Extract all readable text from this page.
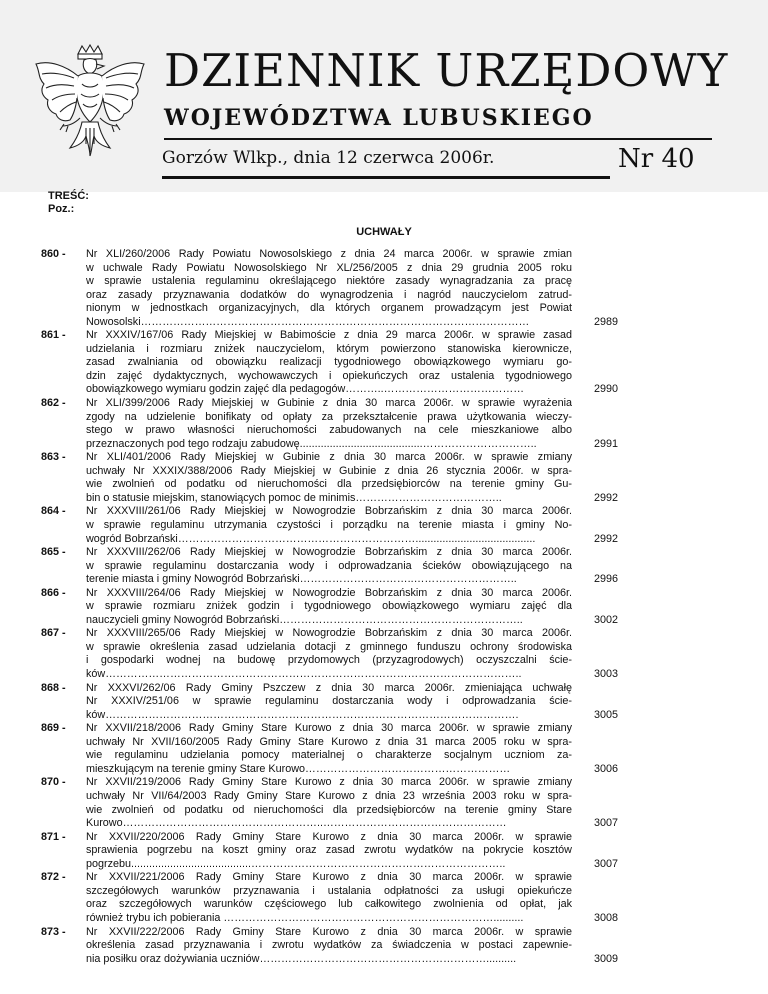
DZIENNIK URZĘDOWY
WOJEWÓDZTWA LUBUSKIEGO
Gorzów Wlkp., dnia 12 czerwca 2006r.	Nr 40
TREŚĆ:
Poz.:
UCHWAŁY
860 -	Nr XLI/260/2006 Rady Powiatu Nowosolskiego z dnia 24 marca 2006r. w sprawie zmian
w uchwale Rady Powiatu Nowosolskiego Nr XL/256/2005 z dnia 29 grudnia 2005 roku
w sprawie ustalenia regulaminu określającego niektóre zasady wynagradzania za pracę
oraz zasady przyznawania dodatków do wynagrodzenia i nagród nauczycielom zatrud-
nionym w jednostkach organizacyjnych, dla których organem prowadzącym jest Powiat
Nowosolski………………………………………………………………………………………………	2989
861 -	Nr XXXIV/167/06 Rady Miejskiej w Babimoście z dnia 29 marca 2006r. w sprawie zasad
udzielania i rozmiaru zniżek nauczycielom, którym powierzono stanowiska kierownicze,
zasad zwalniania od obowiązku realizacji tygodniowego obowiązkowego wymiaru go-
dzin zajęć dydaktycznych, wychowawczych i opiekuńczych oraz ustalenia tygodniowego
obowiązkowego wymiaru godzin zajęć dla pedagogów………..…………………………………	2990
862 -	Nr XLI/399/2006 Rady Miejskiej w Gubinie z dnia 30 marca 2006r. w sprawie wyrażenia
zgody na udzielenie bonifikaty od opłaty za przekształcenie prawa użytkowania wieczy-
stego w prawo własności nieruchomości zabudowanych na cele mieszkaniowe albo
przeznaczonych pod tego rodzaju zabudowę.........................................…………………………..	2991
863 -	Nr XLI/401/2006 Rady Miejskiej w Gubinie z dnia 30 marca 2006r. w sprawie zmiany
uchwały Nr XXXIX/388/2006 Rady Miejskiej w Gubinie z dnia 26 stycznia 2006r. w spra-
wie zwolnień od podatku od nieruchomości dla przedsiębiorców na terenie gminy Gu-
bin o statusie miejskim, stanowiących pomoc de minimis…………………………………..	2992
864 -	Nr XXXVIII/261/06 Rady Miejskiej w Nowogrodzie Bobrzańskim z dnia 30 marca 2006r.
w sprawie regulaminu utrzymania czystości i porządku na terenie miasta i gminy No-
wogród Bobrzański…………………………………………………………........................................	2992
865 -	Nr XXXVIII/262/06 Rady Miejskiej w Nowogrodzie Bobrzańskim z dnia 30 marca 2006r.
w sprawie regulaminu dostarczania wody i odprowadzania ścieków obowiązującego na
terenie miasta i gminy Nowogród Bobrzański…………………………..………………………..	2996
866 -	Nr XXXVIII/264/06 Rady Miejskiej w Nowogrodzie Bobrzańskim z dnia 30 marca 2006r.
w sprawie rozmiaru zniżek godzin i tygodniowego obowiązkowego wymiaru zajęć dla
nauczycieli gminy Nowogród Bobrzański…………………………………………………………..	3002
867 -	Nr XXXVIII/265/06 Rady Miejskiej w Nowogrodzie Bobrzańskim z dnia 30 marca 2006r.
w sprawie określenia zasad udzielania dotacji z gminnego funduszu ochrony środowiska
i gospodarki wodnej na budowę przydomowych (przyzagrodowych) oczyszczalni ście-
ków……………………………………………………………………………………………………..	3003
868 -	Nr XXXVI/262/06 Rady Gminy Pszczew z dnia 30 marca 2006r. zmieniająca uchwałę
Nr XXXIV/251/06 w sprawie regulaminu dostarczania wody i odprowadzania ście-
ków…………………………………………………………………………………………………….	3005
869 -	Nr XXVII/218/2006 Rady Gminy Stare Kurowo z dnia 30 marca 2006r. w sprawie zmiany
uchwały Nr XVII/160/2005 Rady Gminy Stare Kurowo z dnia 31 marca 2005 roku w spra-
wie regulaminu udzielania pomocy materialnej o charakterze socjalnym uczniom za-
mieszkującym na terenie gminy Stare Kurowo…………………………………………………	3006
870 -	Nr XXVII/219/2006 Rady Gminy Stare Kurowo z dnia 30 marca 2006r. w sprawie zmiany
uchwały Nr VII/64/2003 Rady Gminy Stare Kurowo z dnia 23 września 2003 roku w spra-
wie zwolnień od podatku od nieruchomości dla przedsiębiorców na terenie gminy Stare
Kurowo………………………………………………..……………………………………………	3007
871 -	Nr XXVII/220/2006 Rady Gminy Stare Kurowo z dnia 30 marca 2006r. w sprawie
sprawienia pogrzebu na koszt gminy oraz zasad zwrotu wydatków na pokrycie kosztów
pogrzebu........................................……………………………………………………………..	3007
872 -	Nr XXVII/221/2006 Rady Gminy Stare Kurowo z dnia 30 marca 2006r. w sprawie
szczegółowych warunków przyznawania i ustalania odpłatności za usługi opiekuńcze
oraz szczegółowych warunków częściowego lub całkowitego zwolnienia od opłat, jak
również trybu ich pobierania …………………………………………………………………..........	3008
873 -	Nr XXVII/222/2006 Rady Gminy Stare Kurowo z dnia 30 marca 2006r. w sprawie
określenia zasad przyznawania i zwrotu wydatków za świadczenia w postaci zapewnie-
nia posiłku oraz dożywiania uczniów………………………………………………………..........	3009
